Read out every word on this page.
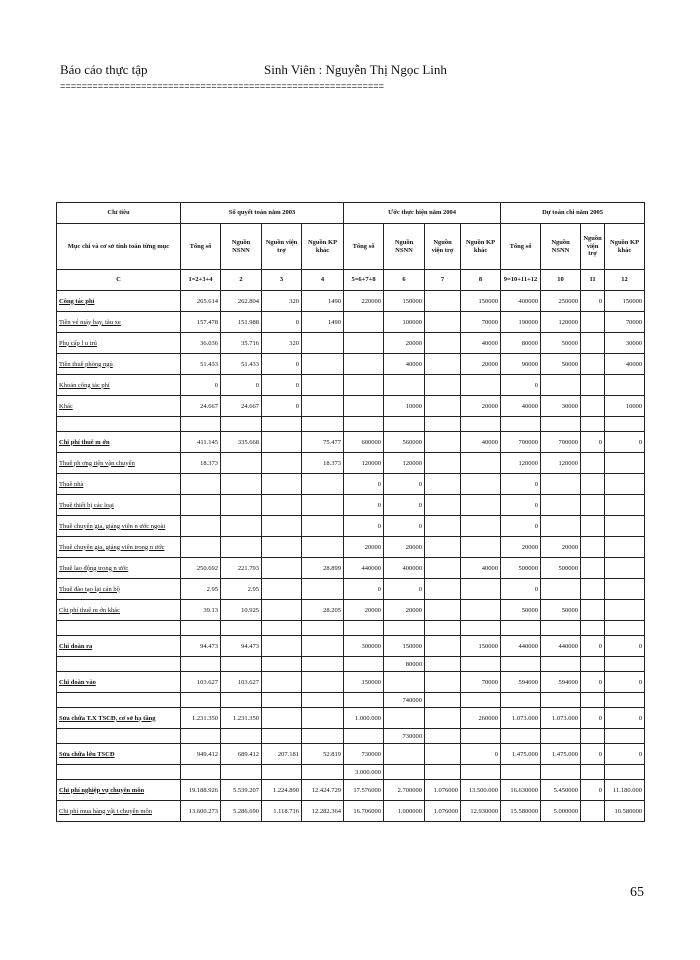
Báo cáo thực tập	Sinh Viên : Nguyễn Thị Ngọc Linh
============================================================
Chỉ tiêu	Số quyết toán năm 2003				Ước thực hiện năm 2004				Dự toán chi năm 2005			
Mục chi và cơ sở tính toán từng mục	Tổng số	Nguồn NSNN	Nguồn viện trợ	Nguồn KP khác	Tổng số	Nguồn NSNN	Nguồn viện trợ	Nguồn KP khác	Tổng số	Nguồn NSNN	Nguồn viện trợ	Nguồn KP khác
C	1=2+3+4	2	3	4	5=6+7+8	6	7	8	9=10+11+12	10	11	12
Công tác phí	265.614	262.804	320	1490	220000	150000		150000	400000	250000	0	150000
Tiền vé máy bay, tàu xe	157.478	151.988	0	1490		100000		70000	190000	120000		70000
Phụ cấp l u trú	36.036	35.716	320			20000		40000	80000	50000		30000
Tiền thuê phòng ngủ	51.433	51.433	0			40000		20000	90000	50000		40000
Khoán công tác phí	0	0	0						0			
Khác	24.667	24.667	0			10000		20000	40000	30000		10000

Chi phí thuê m ớn	411.145	335.668		75.477	600000	560000		40000	700000	700000	0	0
Thuê ph ơng tiện vận chuyển	18.373			18.373	120000	120000			120000	120000		
Thuê nhà					0	0			0			
Thuê thiết bị các loại					0	0			0			
Thuê chuyên gia, giảng viên n ước ngoài					0	0			0			
Thuê chuyên gia, giảng viên trong n ước					20000	20000			20000	20000		
Thuê lao động trong n ước	250.692	221.793		28.899	440000	400000		40000	500000	500000		
Thuê đào tạo lại cán bộ	2.95	2.95			0	0			0			
Chi phí thuê m ớn khác	39.13	10.925		28.205	20000	20000			50000	50000		

Chi đoàn ra	94.473	94.473			300000	150000		150000	440000	440000	0	0
						80000						
Chi đoàn vào	103.627	103.627			150000			70000	594000	594000	0	0
						740000						
Sửa chữa T.X TSCĐ, cơ sở hạ tầng	1.231.350	1.231.350			1.000.000			260000	1.073.000	1.073.000	0	0
						730000						
Sửa chữa lớn TSCĐ	949.412	689.412	207.181	52.819	730000			0	1.475.000	1.475.000	0	0
					3.000.000							
Chi phí nghiệp vụ chuyên môn	19.188.926	5.539.207	1.224.890	12.424.729	17.576000	2.700000	1.076000	13.500.000	16.630000	5.450000	0	11.180.000
Chi phí mua hàng vật t chuyên môn	13.600.273	5.286.690	1.118.716	12.282.364	16.706000	1.000000	1.076000	12.930000	15.580000	5.000000		10.580000
65
